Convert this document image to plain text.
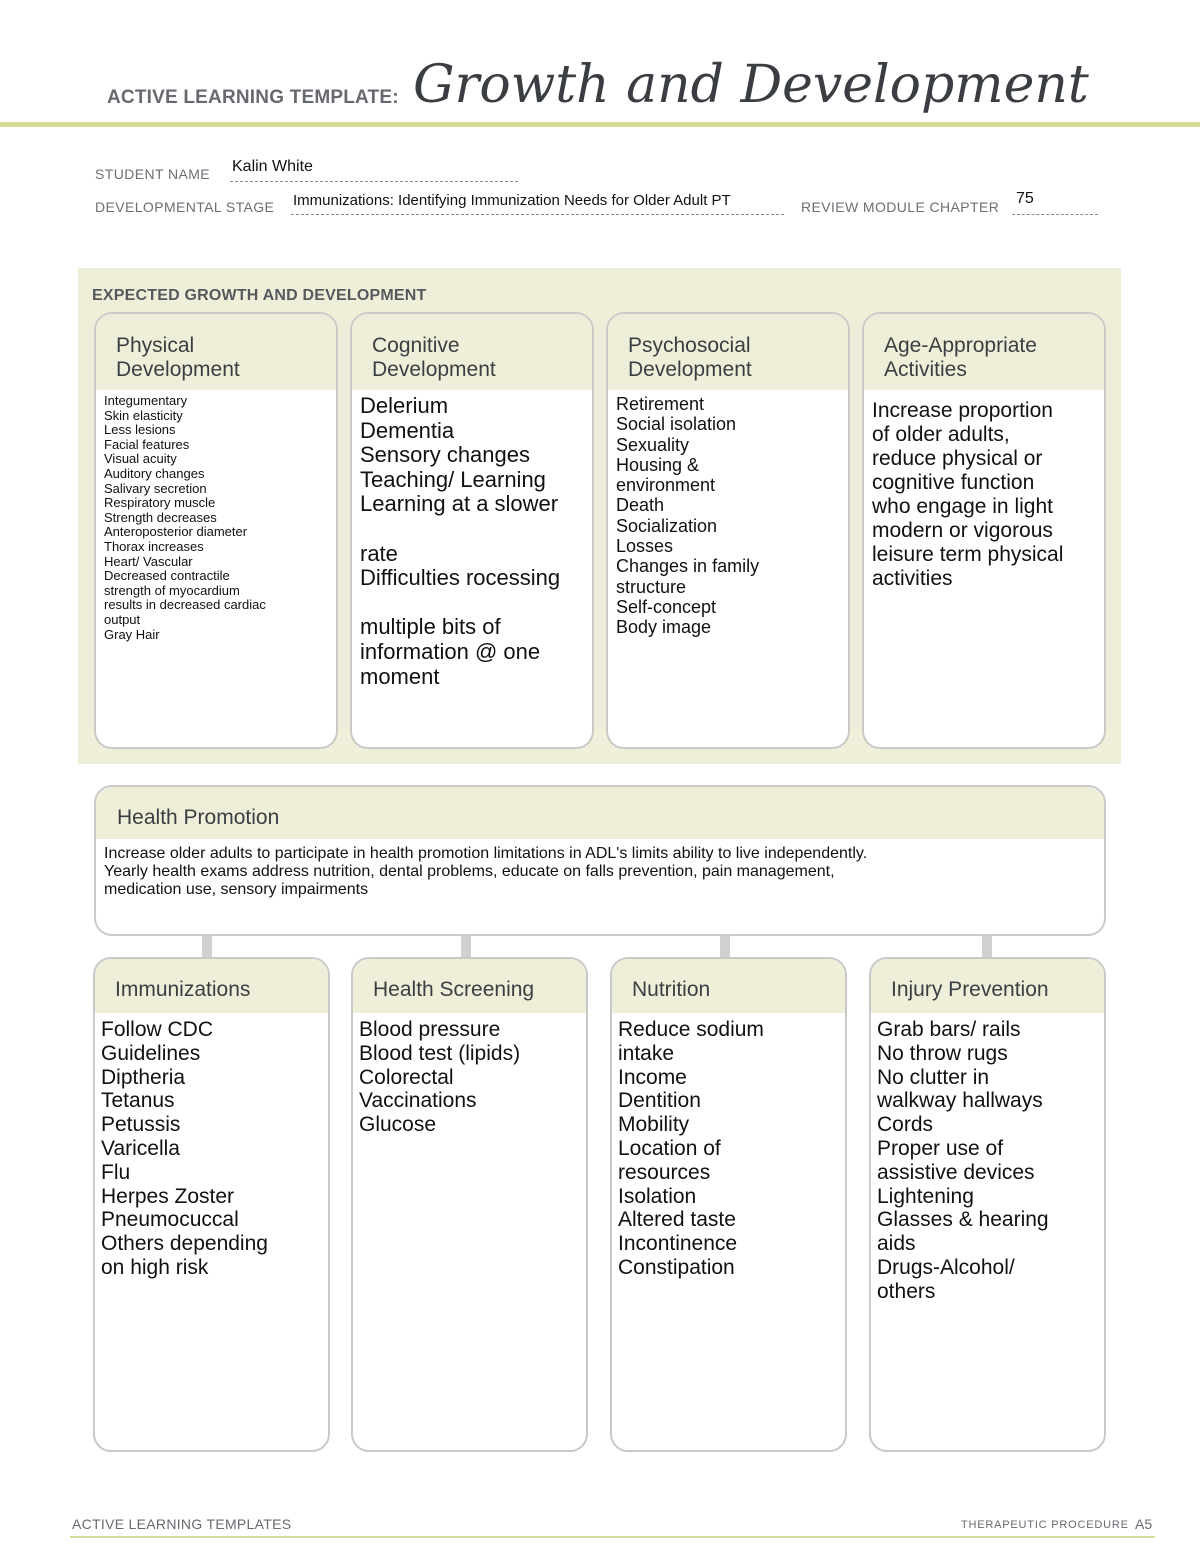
ACTIVE LEARNING TEMPLATE: Growth and Development
STUDENT NAME Kalin White
DEVELOPMENTAL STAGE Immunizations: Identifying Immunization Needs for Older Adult PT	REVIEW MODULE CHAPTER 75
EXPECTED GROWTH AND DEVELOPMENT
Physical
Development
Integumentary
Skin elasticity
Less lesions
Facial features
Visual acuity
Auditory changes
Salivary secretion
Respiratory muscle
Strength decreases
Anteroposterior diameter
Thorax increases
Heart/ Vascular
Decreased contractile
strength of myocardium
results in decreased cardiac
output
Gray Hair
Cognitive
Development
Delerium
Dementia
Sensory changes
Teaching/ Learning
Learning at a slower

rate
Difficulties rocessing

multiple bits of
information @ one
moment
Psychosocial
Development
Retirement
Social isolation
Sexuality
Housing &
environment
Death
Socialization
Losses
Changes in family
structure
Self-concept
Body image
Age-Appropriate
Activities
Increase proportion
of older adults,
reduce physical or
cognitive function
who engage in light
modern or vigorous
leisure term physical
activities
Health Promotion
Increase older adults to participate in health promotion limitations in ADL's limits ability to live independently.
Yearly health exams address nutrition, dental problems, educate on falls prevention, pain management,
medication use, sensory impairments
Immunizations
Follow CDC
Guidelines
Diptheria
Tetanus
Petussis
Varicella
Flu
Herpes Zoster
Pneumocuccal
Others depending
on high risk
Health Screening
Blood pressure
Blood test (lipids)
Colorectal
Vaccinations
Glucose
Nutrition
Reduce sodium
intake
Income
Dentition
Mobility
Location of
resources
Isolation
Altered taste
Incontinence
Constipation
Injury Prevention
Grab bars/ rails
No throw rugs
No clutter in
walkway hallways
Cords
Proper use of
assistive devices
Lightening
Glasses & hearing
aids
Drugs-Alcohol/
others
ACTIVE LEARNING TEMPLATES	THERAPEUTIC PROCEDURE A5
